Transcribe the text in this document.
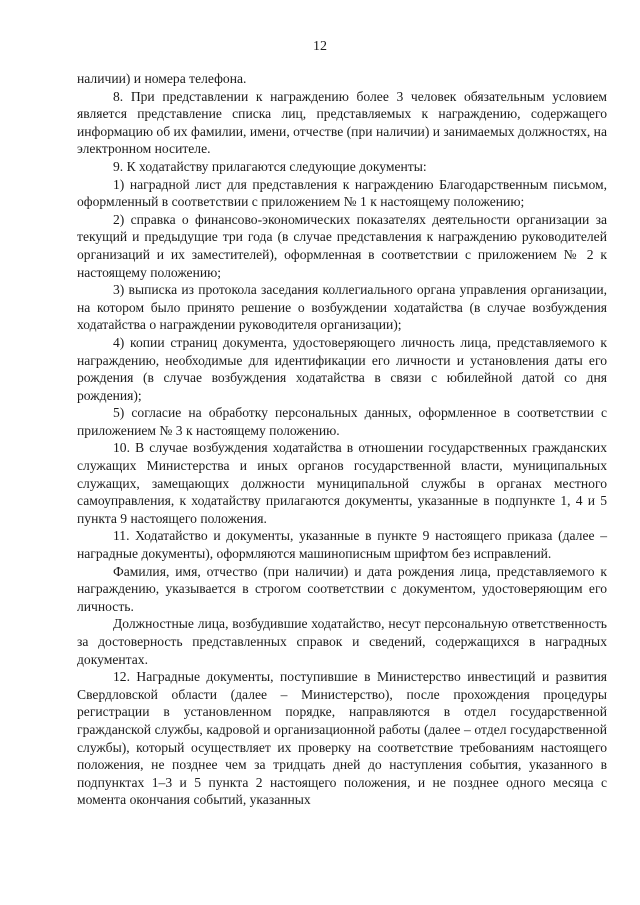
12

наличии) и номера телефона.

8. При представлении к награждению более 3 человек обязательным условием является представление списка лиц, представляемых к награждению, содержащего информацию об их фамилии, имени, отчестве (при наличии) и занимаемых должностях, на электронном носителе.

9. К ходатайству прилагаются следующие документы:

1) наградной лист для представления к награждению Благодарственным письмом, оформленный в соответствии с приложением № 1 к настоящему положению;

2) справка о финансово-экономических показателях деятельности организации за текущий и предыдущие три года (в случае представления к награждению руководителей организаций и их заместителей), оформленная в соответствии с приложением № 2 к настоящему положению;

3) выписка из протокола заседания коллегиального органа управления организации, на котором было принято решение о возбуждении ходатайства (в случае возбуждения ходатайства о награждении руководителя организации);

4) копии страниц документа, удостоверяющего личность лица, представляемого к награждению, необходимые для идентификации его личности и установления даты его рождения (в случае возбуждения ходатайства в связи с юбилейной датой со дня рождения);

5) согласие на обработку персональных данных, оформленное в соответствии с приложением № 3 к настоящему положению.

10. В случае возбуждения ходатайства в отношении государственных гражданских служащих Министерства и иных органов государственной власти, муниципальных служащих, замещающих должности муниципальной службы в органах местного самоуправления, к ходатайству прилагаются документы, указанные в подпункте 1, 4 и 5 пункта 9 настоящего положения.

11. Ходатайство и документы, указанные в пункте 9 настоящего приказа (далее – наградные документы), оформляются машинописным шрифтом без исправлений.

Фамилия, имя, отчество (при наличии) и дата рождения лица, представляемого к награждению, указывается в строгом соответствии с документом, удостоверяющим его личность.

Должностные лица, возбудившие ходатайство, несут персональную ответственность за достоверность представленных справок и сведений, содержащихся в наградных документах.

12. Наградные документы, поступившие в Министерство инвестиций и развития Свердловской области (далее – Министерство), после прохождения процедуры регистрации в установленном порядке, направляются в отдел государственной гражданской службы, кадровой и организационной работы (далее – отдел государственной службы), который осуществляет их проверку на соответствие требованиям настоящего положения, не позднее чем за тридцать дней до наступления события, указанного в подпунктах 1–3 и 5 пункта 2 настоящего положения, и не позднее одного месяца с момента окончания событий, указанных
